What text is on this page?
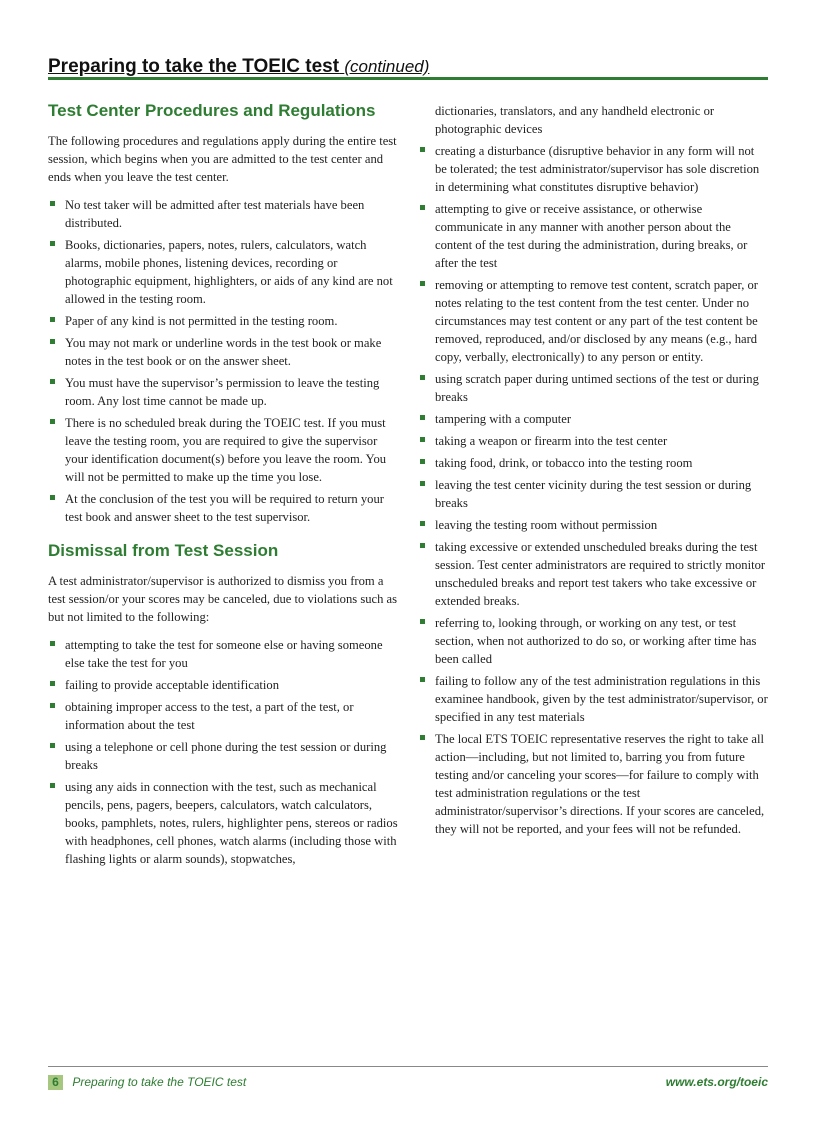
Preparing to take the TOEIC test (continued)
Test Center Procedures and Regulations

The following procedures and regulations apply during the entire test session, which begins when you are admitted to the test center and ends when you leave the test center.

No test taker will be admitted after test materials have been distributed.
Books, dictionaries, papers, notes, rulers, calculators, watch alarms, mobile phones, listening devices, recording or photographic equipment, highlighters, or aids of any kind are not allowed in the testing room.
Paper of any kind is not permitted in the testing room.
You may not mark or underline words in the test book or make notes in the test book or on the answer sheet.
You must have the supervisor’s permission to leave the testing room. Any lost time cannot be made up.
There is no scheduled break during the TOEIC test. If you must leave the testing room, you are required to give the supervisor your identification document(s) before you leave the room. You will not be permitted to make up the time you lose.
At the conclusion of the test you will be required to return your test book and answer sheet to the test supervisor.
Dismissal from Test Session

A test administrator/supervisor is authorized to dismiss you from a test session/or your scores may be canceled, due to violations such as but not limited to the following:

attempting to take the test for someone else or having someone else take the test for you
failing to provide acceptable identification
obtaining improper access to the test, a part of the test, or information about the test
using a telephone or cell phone during the test session or during breaks
using any aids in connection with the test, such as mechanical pencils, pens, pagers, beepers, calculators, watch calculators, books, pamphlets, notes, rulers, highlighter pens, stereos or radios with headphones, cell phones, watch alarms (including those with flashing lights or alarm sounds), stopwatches,
dictionaries, translators, and any handheld electronic or photographic devices
creating a disturbance (disruptive behavior in any form will not be tolerated; the test administrator/supervisor has sole discretion in determining what constitutes disruptive behavior)
attempting to give or receive assistance, or otherwise communicate in any manner with another person about the content of the test during the administration, during breaks, or after the test
removing or attempting to remove test content, scratch paper, or notes relating to the test content from the test center. Under no circumstances may test content or any part of the test content be removed, reproduced, and/or disclosed by any means (e.g., hard copy, verbally, electronically) to any person or entity.
using scratch paper during untimed sections of the test or during breaks
tampering with a computer
taking a weapon or firearm into the test center
taking food, drink, or tobacco into the testing room
leaving the test center vicinity during the test session or during breaks
leaving the testing room without permission
taking excessive or extended unscheduled breaks during the test session. Test center administrators are required to strictly monitor unscheduled breaks and report test takers who take excessive or extended breaks.
referring to, looking through, or working on any test, or test section, when not authorized to do so, or working after time has been called
failing to follow any of the test administration regulations in this examinee handbook, given by the test administrator/supervisor, or specified in any test materials
The local ETS TOEIC representative reserves the right to take all action—including, but not limited to, barring you from future testing and/or canceling your scores—for failure to comply with test administration regulations or the test administrator/supervisor’s directions. If your scores are canceled, they will not be reported, and your fees will not be refunded.
6 Preparing to take the TOEIC test	www.ets.org/toeic
